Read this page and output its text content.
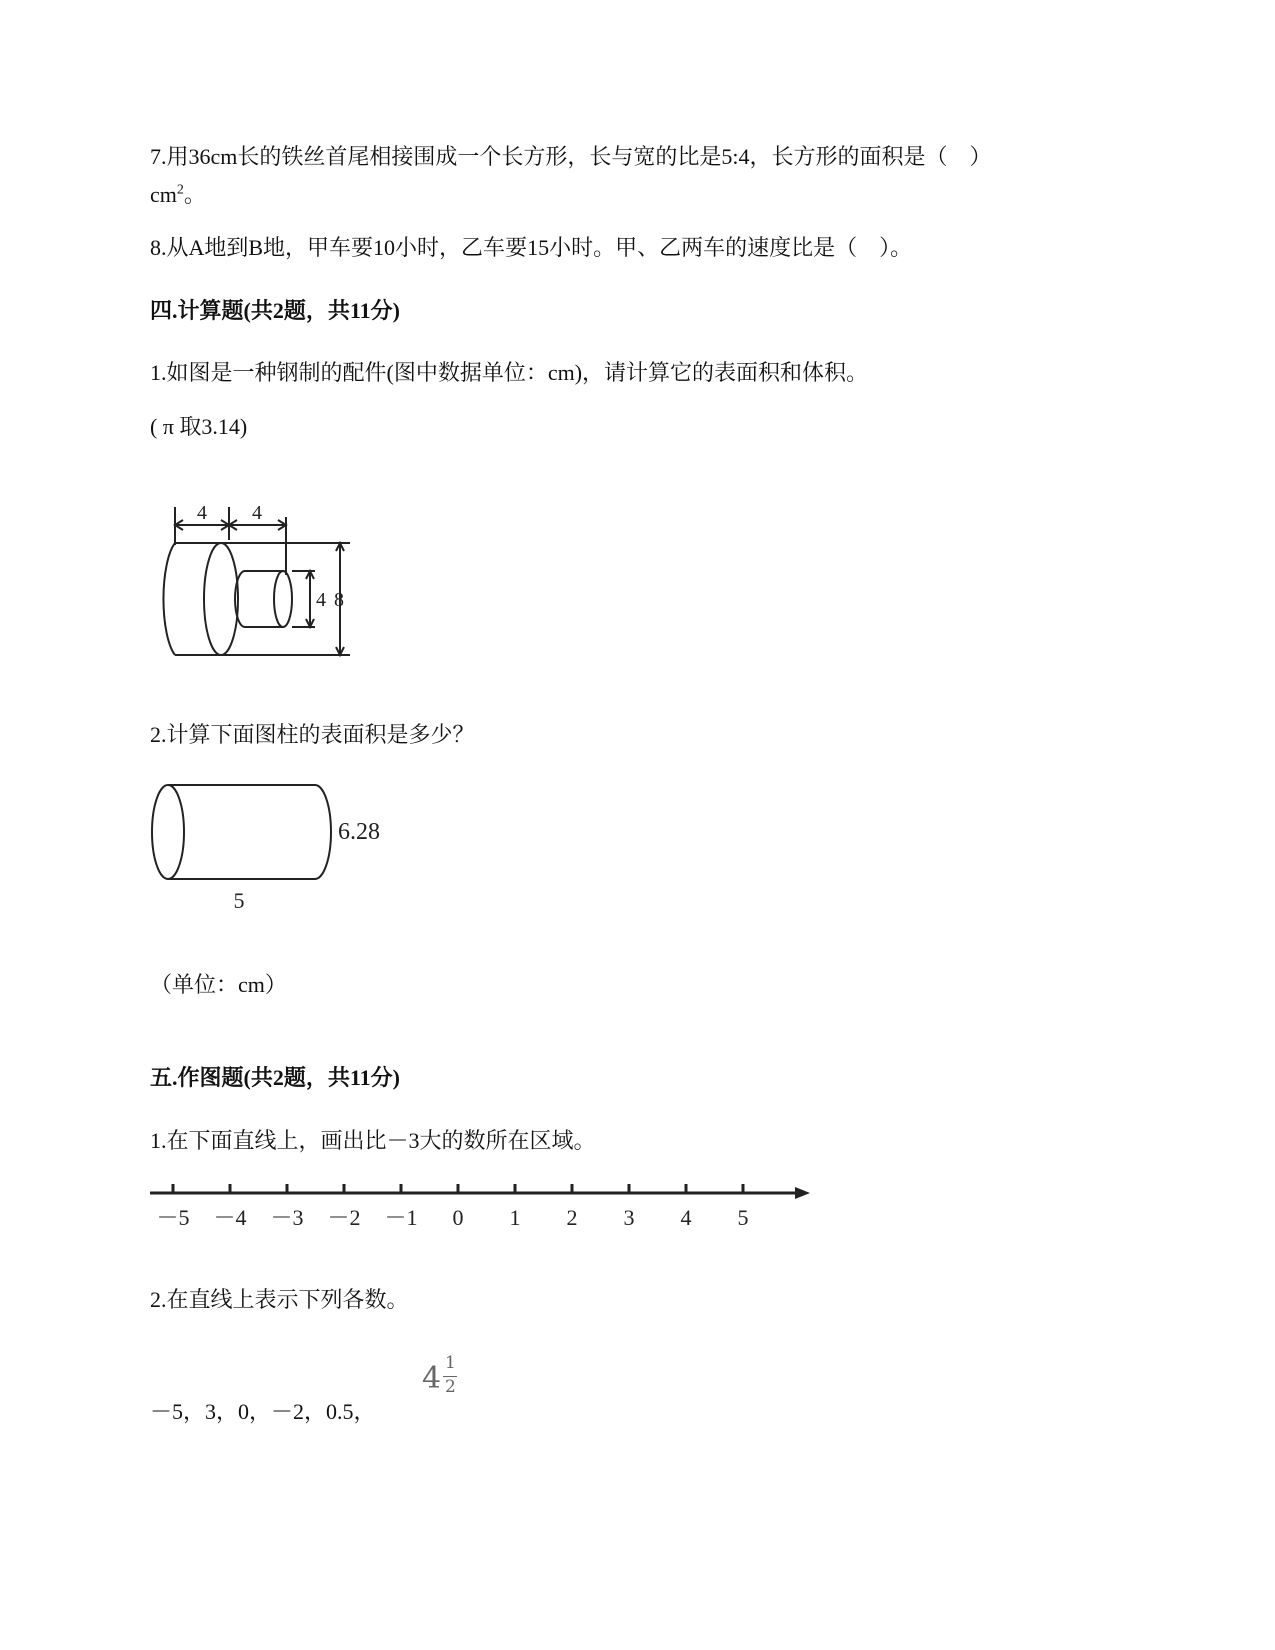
7.用36cm长的铁丝首尾相接围成一个长方形，长与宽的比是5:4，长方形的面积是（　）
$cm^2$。
8.从A地到B地，甲车要10小时，乙车要15小时。甲、乙两车的速度比是（　）。
四.计算题(共2题，共11分)
1.如图是一种钢制的配件(图中数据单位：cm)，请计算它的表面积和体积。
( π 取3.14)
4 4
4 8
2.计算下面图柱的表面积是多少？
6.28
5
（单位：cm）
五.作图题(共2题，共11分)
1.在下面直线上，画出比－3大的数所在区域。
－5 －4 －3 －2 －1 0 1 2 3 4 5
2.在直线上表示下列各数。
－5，3，0，－2，0.5，
4 1
2
